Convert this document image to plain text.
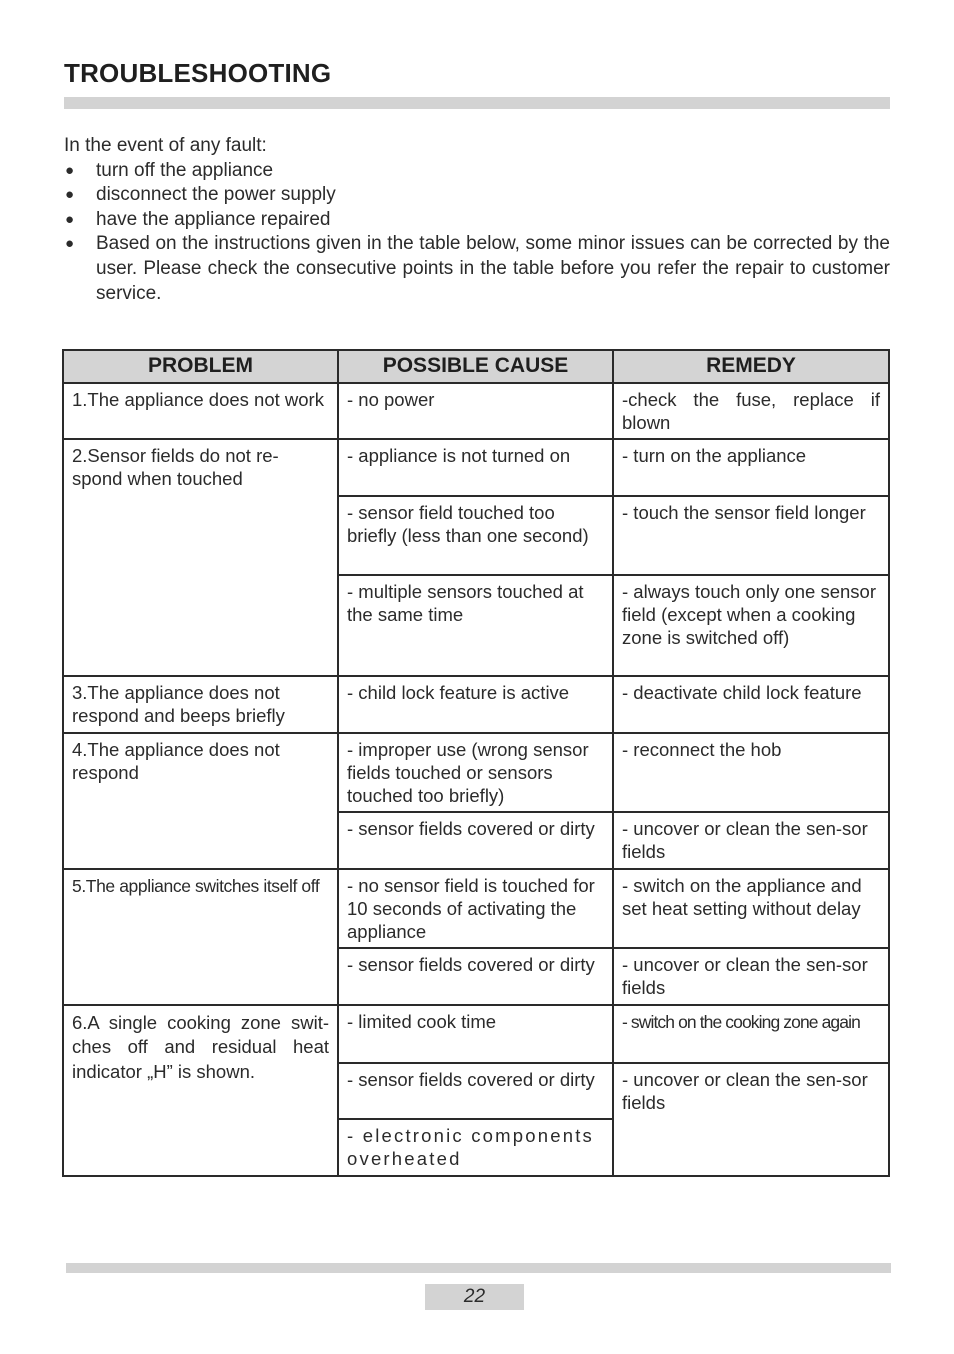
TROUBLESHOOTING

In the event of any fault:

● turn off the appliance
● disconnect the power supply
● have the appliance repaired
● Based on the instructions given in the table below, some minor issues can be corrected by the user. Please check the consecutive points in the table before you refer the repair to customer service.
PROBLEM	POSSIBLE CAUSE	REMEDY
1.The appliance does not work	- no power	-check the fuse, replace if blown
2.Sensor fields do not re-spond when touched	- appliance is not turned on	- turn on the appliance
	- sensor field touched too briefly (less than one second)	- touch the sensor field longer
	- multiple sensors touched at the same time	- always touch only one sensor field (except when a cooking zone is switched off)
3.The appliance does not respond and beeps briefly	- child lock feature is active	- deactivate child lock feature
4.The appliance does not respond	- improper use (wrong sensor fields touched or sensors touched too briefly)	- reconnect the hob
	- sensor fields covered or dirty	- uncover or clean the sen-sor fields
5.The appliance switches itself off	- no sensor field is touched for 10 seconds of activating the appliance	- switch on the appliance and set heat setting without delay
	- sensor fields covered or dirty	- uncover or clean the sen-sor fields
6.A single cooking zone swit-ches off and residual heat indicator „H” is shown.	- limited cook time	- switch on the cooking zone again
	- sensor fields covered or dirty	- uncover or clean the sen-sor fields
	- electronic components overheated	
22
